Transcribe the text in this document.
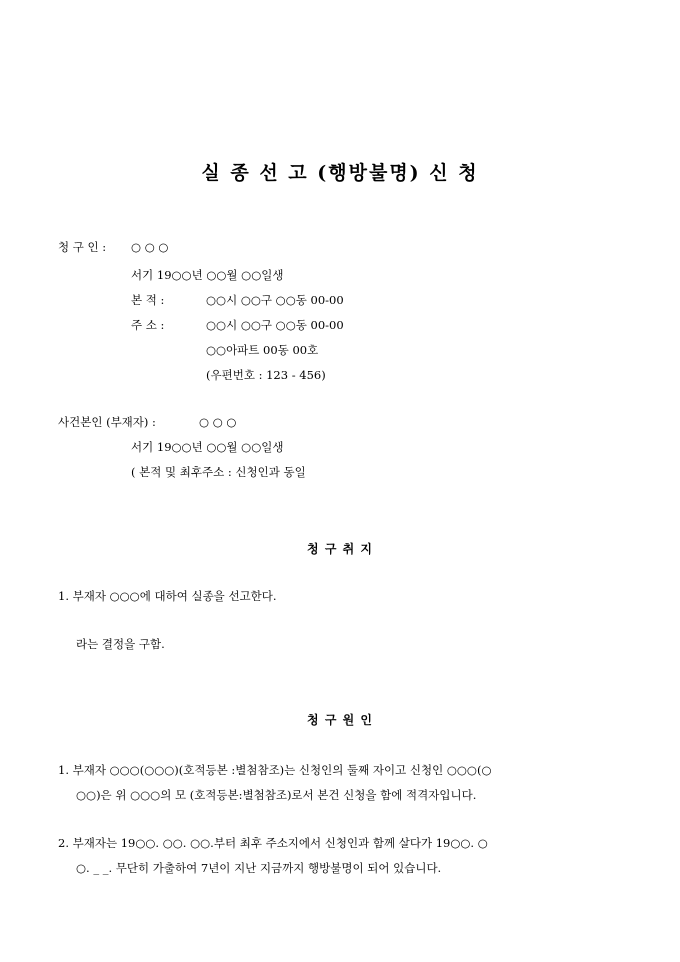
실 종 선 고 (행방불명) 신 청
청 구 인 : ○ ○ ○
서기 19○○년 ○○월 ○○일생
본 적 :	○○시 ○○구 ○○동 00-00
주 소 :	○○시 ○○구 ○○동 00-00
○○아파트 00동 00호
(우편번호 : 123 - 456)
사건본인 (부재자) :	○ ○ ○
서기 19○○년 ○○월 ○○일생
( 본적 및 최후주소 : 신청인과 동일
청 구 취 지
1. 부재자 ○○○에 대하여 실종을 선고한다.
라는 결정을 구함.
청 구 원 인
1. 부재자 ○○○(○○○)(호적등본 :별첨참조)는 신청인의 둘째 자이고 신청인 ○○○(○
○○)은 위 ○○○의 모 (호적등본:별첨참조)로서 본건 신청을 함에 적격자입니다.
2. 부재자는 19○○. ○○. ○○.부터 최후 주소지에서 신청인과 함께 살다가 19○○. ○
○. _ _. 무단히 가출하여 7년이 지난 지금까지 행방불명이 되어 있습니다.
